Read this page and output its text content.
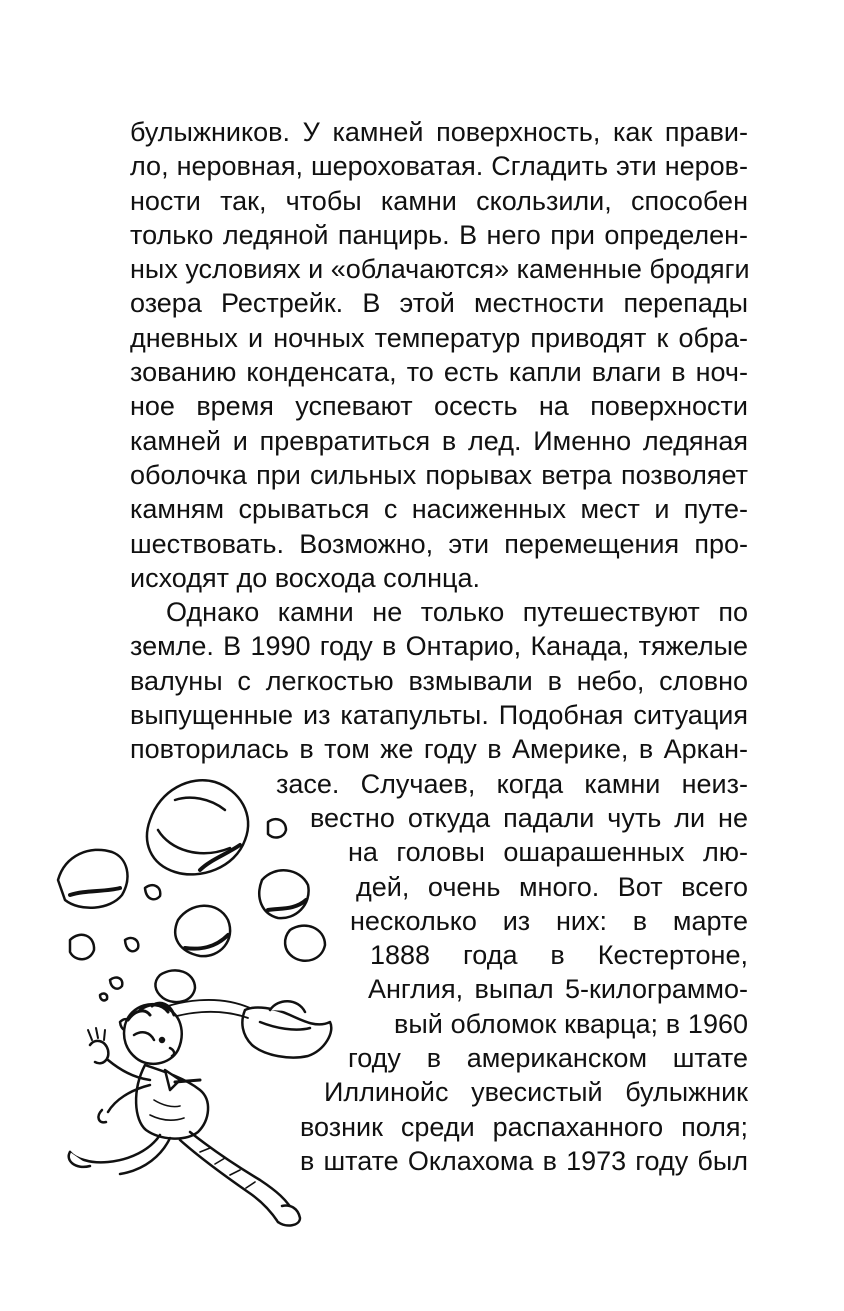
булыжников. У камней поверхность, как прави-
ло, неровная, шероховатая. Сгладить эти неров-
ности так, чтобы камни скользили, способен
только ледяной панцирь. В него при определен-
ных условиях и «облачаются» каменные бродяги
озера Рестрейк. В этой местности перепады
дневных и ночных температур приводят к обра-
зованию конденсата, то есть капли влаги в ноч-
ное время успевают осесть на поверхности
камней и превратиться в лед. Именно ледяная
оболочка при сильных порывах ветра позволяет
камням срываться с насиженных мест и путе-
шествовать. Возможно, эти перемещения про-
исходят до восхода солнца.
Однако камни не только путешествуют по
земле. В 1990 году в Онтарио, Канада, тяжелые
валуны с легкостью взмывали в небо, словно
выпущенные из катапульты. Подобная ситуация
повторилась в том же году в Америке, в Аркан-
засе. Случаев, когда камни неиз-
вестно откуда падали чуть ли не
на головы ошарашенных лю-
дей, очень много. Вот всего
несколько из них: в марте
1888 года в Кестертоне,
Англия, выпал 5-килограммо-
вый обломок кварца; в 1960
году в американском штате
Иллинойс увесистый булыжник
возник среди распаханного поля;
в штате Оклахома в 1973 году был
